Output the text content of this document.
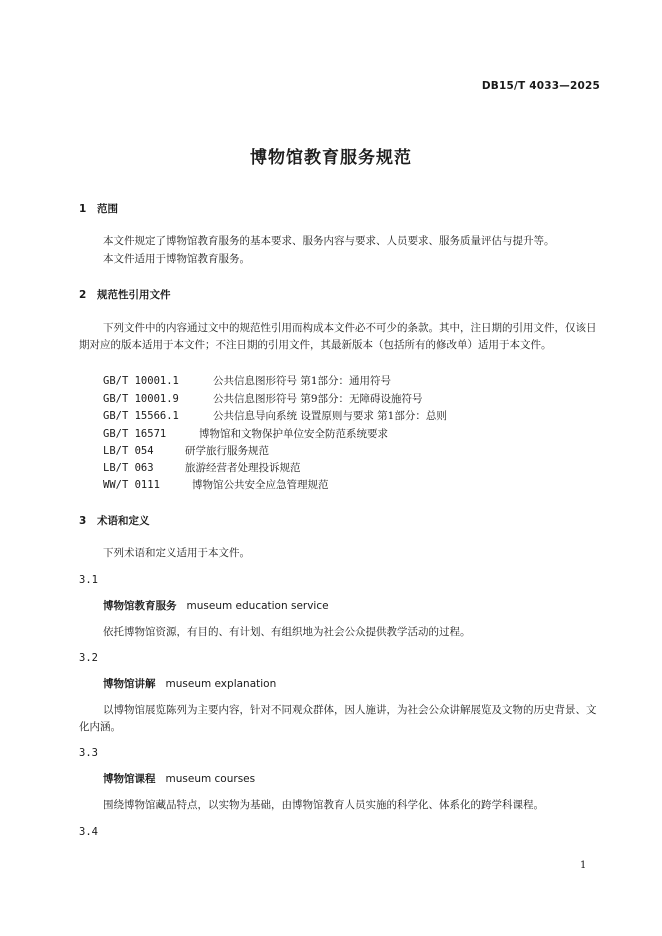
DB15/T 4033—2025
博物馆教育服务规范
1 范围
本文件规定了博物馆教育服务的基本要求、服务内容与要求、人员要求、服务质量评估与提升等。
本文件适用于博物馆教育服务。
2 规范性引用文件
下列文件中的内容通过文中的规范性引用而构成本文件必不可少的条款。其中，注日期的引用文件，仅该日期对应的版本适用于本文件；不注日期的引用文件，其最新版本（包括所有的修改单）适用于本文件。
GB/T 10001.1	公共信息图形符号 第1部分：通用符号
GB/T 10001.9	公共信息图形符号 第9部分：无障碍设施符号
GB/T 15566.1	公共信息导向系统 设置原则与要求 第1部分：总则
GB/T 16571	博物馆和文物保护单位安全防范系统要求
LB/T 054	研学旅行服务规范
LB/T 063	旅游经营者处理投诉规范
WW/T 0111	博物馆公共安全应急管理规范
3 术语和定义
下列术语和定义适用于本文件。
3.1
博物馆教育服务 museum education service
依托博物馆资源，有目的、有计划、有组织地为社会公众提供教学活动的过程。
3.2
博物馆讲解 museum explanation
以博物馆展览陈列为主要内容，针对不同观众群体，因人施讲，为社会公众讲解展览及文物的历史背景、文化内涵。
3.3
博物馆课程 museum courses
围绕博物馆藏品特点，以实物为基础，由博物馆教育人员实施的科学化、体系化的跨学科课程。
3.4
1
